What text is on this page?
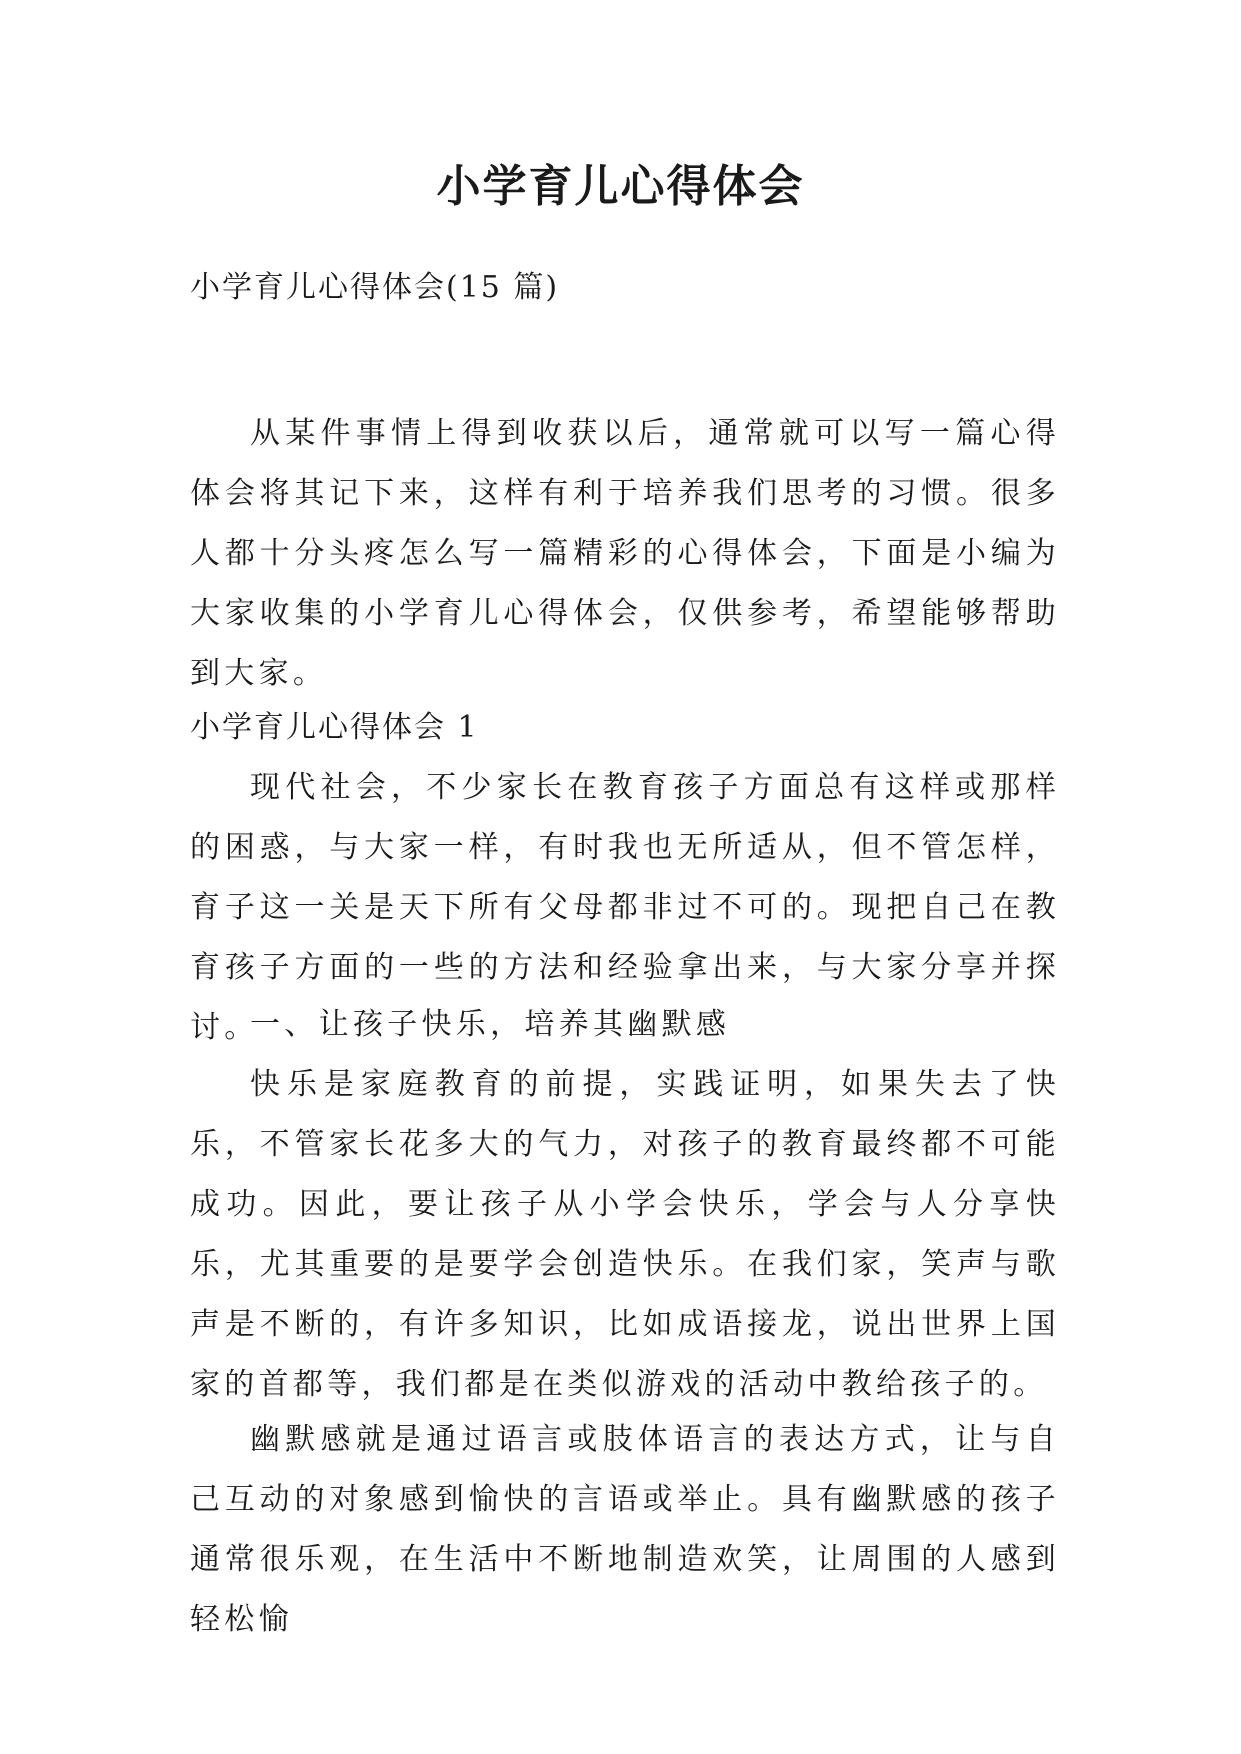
小学育儿心得体会

小学育儿心得体会(15 篇)

从某件事情上得到收获以后，通常就可以写一篇心得体会将其记下来，这样有利于培养我们思考的习惯。很多人都十分头疼怎么写一篇精彩的心得体会，下面是小编为大家收集的小学育儿心得体会，仅供参考，希望能够帮助到大家。

小学育儿心得体会 1

现代社会，不少家长在教育孩子方面总有这样或那样的困惑，与大家一样，有时我也无所适从，但不管怎样，育子这一关是天下所有父母都非过不可的。现把自己在教育孩子方面的一些的方法和经验拿出来，与大家分享并探讨。

一、让孩子快乐，培养其幽默感

快乐是家庭教育的前提，实践证明，如果失去了快乐，不管家长花多大的气力，对孩子的教育最终都不可能成功。因此，要让孩子从小学会快乐，学会与人分享快乐，尤其重要的是要学会创造快乐。在我们家，笑声与歌声是不断的，有许多知识，比如成语接龙，说出世界上国家的首都等，我们都是在类似游戏的活动中教给孩子的。

幽默感就是通过语言或肢体语言的表达方式，让与自己互动的对象感到愉快的言语或举止。具有幽默感的孩子通常很乐观，在生活中不断地制造欢笑，让周围的人感到轻松愉
